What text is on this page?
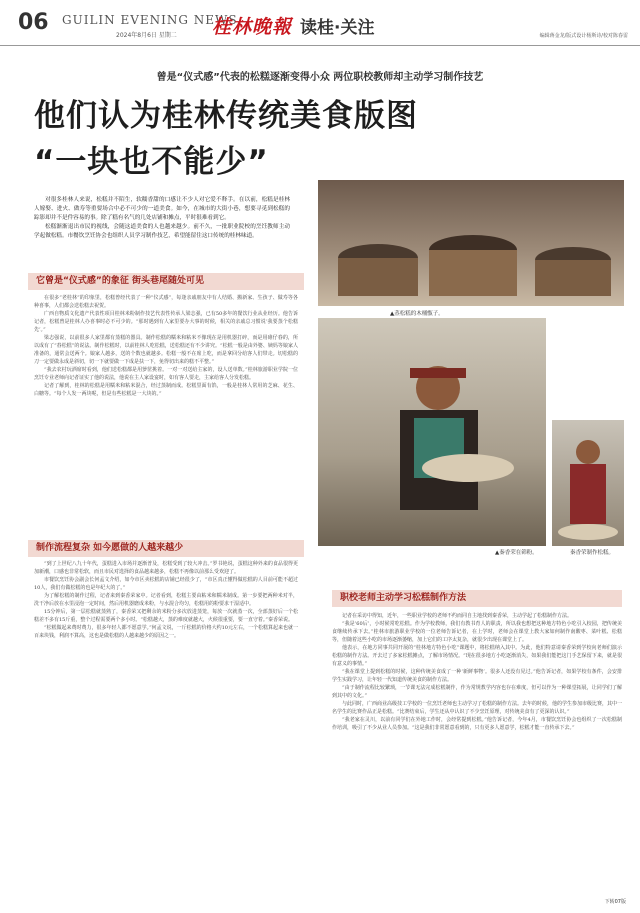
06 GUILIN EVENING NEWS
2024年8月6日 星期二 桂林晚報 读桂·关注	编辑蒋金龙/版式设计杨斯诗/校对陈春雷
曾是“仪式感”代表的松糕逐渐变得小众 两位职校教师却主动学习制作技艺
他们认为桂林传统美食版图
“一块也不能少”

对很多桂林人来说，松糕并不陌生，软糯香甜的口感让不少人对它爱不释手。在以前，松糕是桂林人嫁娶、进火、做寿等重要场合中必不可少的一道美食。如今，在城市的大街小巷，想要寻觅到松糕的踪影却并不是件容易的事。除了糕有名气的几处店铺和摊点，平时很难看到它。

松糕渐渐退出市民的视线，会随这道美食的人也越来越少。前不久，一批职业院校的烹饪教师主动学起做松糕。市餐饮烹饪协会也组织人员学习制作技艺，希望能留住这口传统的桂林味道。

▲蒸松糕的木桶甑子。
▲秦香荣在筛粉。	秦香荣制作松糕。
它曾是“仪式感”的象征 街头巷尾随处可见
制作流程复杂 如今愿做的人越来越少
职校老师主动学习松糕制作方法

在很多“老桂林”的印象里，松糕曾经代表了一种“仪式感”，每逢亲戚朋友中有人结婚、搬新家、生孩子、做寿等各种喜事，人们都会送松糕去祝贺。

广西自物质文化遗产代表性项目桂林米粉制作技艺代表性传承人梁志强，已有50多年的餐饮行业从业经历。他告诉记者，松糕曾是桂林人办喜事时必不可少的。“那时遇到有人家里要办大事的时候，相关的亲戚总习惯说‘我要蒸个松糕先’。”

梁志强说，以前很多人家里都有蒸糕的器具。制作松糕的糯米和粘米不像现在是用机器打碎，而是用碓仔舂的，所以成有了“舂松糕”的说法。制作松糕时，以前桂林人吃松糕，送松糕还有不少讲究。“松糕一般是由外婆、姨妈等娘家人准备的，通常会送两个。娘家人越多，送的个数也就越多。松糕一般不在席上吃，而是拿回分给客人们带走。切松糕的刀一定要做永成是斜切，切一下就要做一下成是扶一下，免得切出来的糕不平整。”

“我去农村玩酒席时看到，他们送松糕都是用箩筐挑着。一对一对送给主家的，设人送单数。”桂林旅游职业学院一位烹饪专业老师向记者证实了他的说法，他说在主人家设宴时，如有客人要走，主家给客人分发松糕。

记者了解到，桂林的松糕是用糯米和粘米混合，经过蒸制而成。松糕里面有馅，一般是桂林人常用的芝麻、花生、白糖等。“每个人发一两块呢，但是有些松糕是一大块的。”

“到了上世纪八九十年代，蛋糕进入市场并逐渐普及，松糕受到了较大冲击。”罗书艳说，蛋糕这种外来的食品很得更加新潮，口感也非常松软，而且市民对选择的食品越来越多，松糕不再像以前那么受欢迎了。

市餐饮烹饪协会副会长何孟文介绍，如今市区卖松糕的店铺已经很少了，“市区真正懂得做松糕的人目前可能不超过10人，我们有做松糕的也是年纪大的了。”

为了解松糕的制作过程，记者来到秦香荣家中。记者看到，松糕主要由粘米和糯米制成。第一步要把两种米对半，洗干净后放在水里浸泡一定时间，然后用机器磨成米粉，与水混合均匀，松糕用的粉要求干湿适中。

15分钟后，第一层松糕就蒸熟了，秦香荣又把剩余的米粉分多次放进蒸笼，每放一次就蒸一次，全部蒸好后一个松糕差不多有15斤重，整个过程需要两个多小时。“松糕越大，蒸的难度就越大，火候很重要，要一直守着。”秦香荣说。

“松糕做起来费时费力，很多年轻人都不愿意学。”何孟文说，一斤松糕的价格大约10元左右，一个松糕算起来也就一百来块钱，利润不算高，这也是做松糕的人越来越少的原因之一。

记者在采访中得知，近年，一些职业学校的老师不约而同自主地找到秦香荣，主动学起了松糕制作方法。

“我是‘60后’，小时候常吃松糕。作为学校教师，我们有教书育人的职责，所以我也想把这种地方特色小吃引入校园，把传统美食继续传承下去。”桂林市旅游职业学校的一位老师告诉记者，在上学时，老师会在课堂上教大家如何制作南酸枣、菜叶糕、松糕等，但随着这些小吃的市场逐渐萎缩，加上它们的工序太复杂，就很少出现在课堂上了。

他表示，在地方同事共同开展的“桂林地方特色小吃”课题中，将松糕纳入其中。为此，他们特意请秦香荣到学校向老师们演示松糕的制作方法。开去过了多家松糕摊点，了解市场情况。“现在很多地方小吃逐渐消失，如果我们能把这门手艺保留下来，就是很有意义的事情。”

“我在课堂上提到松糕的时候，这种传统美食成了一种‘新鲜事物’。很多人还没有见过。”他告诉记者，如果学校有条件，会安排学生实践学习，让年轻一代知道传统美食的制作方法。

“由于制作流程比较繁琐，一节课无法完成松糕制作，作为常规教学内容也存在难度，但可以作为一种课堂拓展，让同学们了解到其中的文化。”

与此同时，广西商业高级技工学校的一位烹饪老师也主动学习了松糕的制作方法。去年的时候，他的学生参加市级比赛，其中一名学生的比赛作品正是松糕。“比赛结束后，学生还从中认识了不少烹饪原理，对传统美食有了更深的认识。”

“我老家在灵川，以前有同学们在外地工作时，会经常提到松糕。”他告诉记者，今年4月，市餐饮烹饪协会也组织了一次松糕制作培训，吸引了不少从业人员参加。“这是我们非常愿意看到的，只有更多人愿意学，松糕才能一直传承下去。”

下转07版
